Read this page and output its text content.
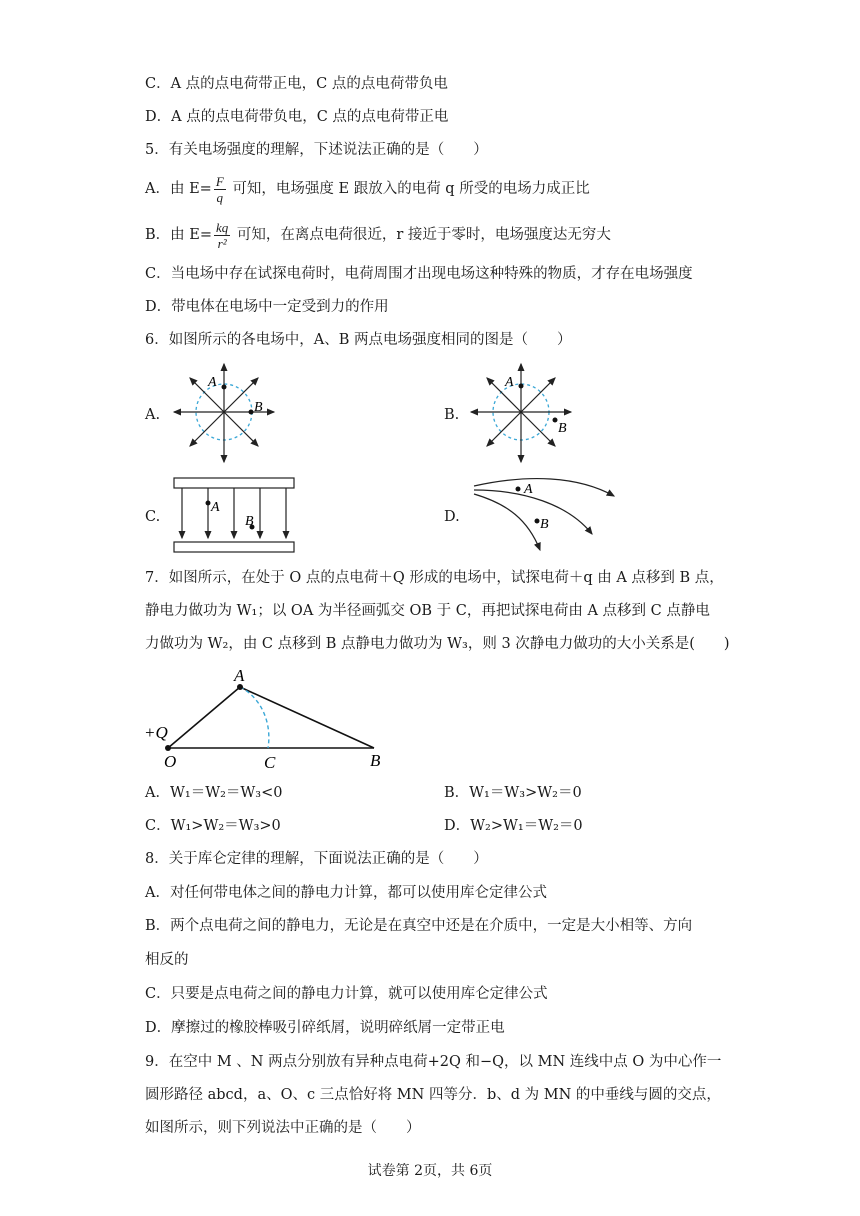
C．A 点的点电荷带正电，C 点的点电荷带负电
D．A 点的点电荷带负电，C 点的点电荷带正电
5．有关电场强度的理解，下述说法正确的是（　　）
A．由 $E= \frac{F}{q}$ 可知，电场强度 E 跟放入的电荷 q 所受的电场力成正比
B．由 $E= \frac{kq}{\text{r²}}$ 可知，在离点电荷很近，r 接近于零时，电场强度达无穷大
C．当电场中存在试探电荷时，电荷周围才出现电场这种特殊的物质，才存在电场强度
D．带电体在电场中一定受到力的作用
6．如图所示的各电场中，A、B 两点电场强度相同的图是（　　）
A.	B.
C.	D.
A
B
A
B
A
B
A
B
7．如图所示，在处于 O 点的点电荷＋Q 形成的电场中，试探电荷＋q 由 A 点移到 B 点，
静电力做功为 W₁；以 OA 为半径画弧交 OB 于 C，再把试探电荷由 A 点移到 C 点静电
力做功为 W₂，由 C 点移到 B 点静电力做功为 W₃，则 3 次静电力做功的大小关系是(　　)
+Q
O
A
C	B
A．W₁＝W₂＝W₃<0	B．W₁＝W₃>W₂＝0
C．W₁>W₂＝W₃>0	D．W₂>W₁＝W₂＝0
8．关于库仑定律的理解，下面说法正确的是（　　）
A．对任何带电体之间的静电力计算，都可以使用库仑定律公式
B．两个点电荷之间的静电力，无论是在真空中还是在介质中，一定是大小相等、方向
相反的
C．只要是点电荷之间的静电力计算，就可以使用库仑定律公式
D．摩擦过的橡胶棒吸引碎纸屑，说明碎纸屑一定带正电
9．在空中 M 、N 两点分别放有异种点电荷+2Q 和−Q，以 MN 连线中点 O 为中心作一
圆形路径 abcd，a、O、c 三点恰好将 MN 四等分．b、d 为 MN 的中垂线与圆的交点，
如图所示，则下列说法中正确的是（　　）
试卷第 2页，共 6页
